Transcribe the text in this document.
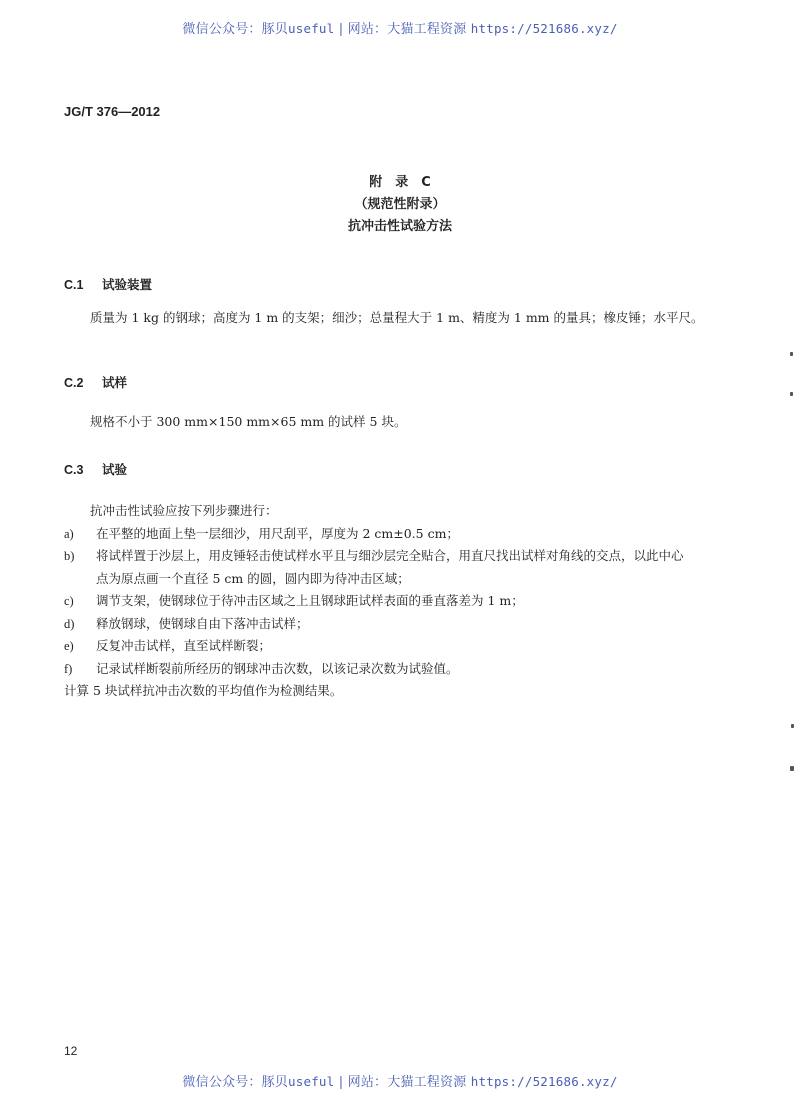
微信公众号：豚贝useful | 网站：大猫工程资源 https://521686.xyz/
JG/T 376—2012
附　录　C
（规范性附录）
抗冲击性试验方法
C.1 试验装置
质量为 1 kg 的钢球；高度为 1 m 的支架；细沙；总量程大于 1 m、精度为 1 mm 的量具；橡皮锤；水平尺。
C.2 试样
规格不小于 300 mm×150 mm×65 mm 的试样 5 块。
C.3 试验
抗冲击性试验应按下列步骤进行：
a)	在平整的地面上垫一层细沙，用尺刮平，厚度为 2 cm±0.5 cm；
b)	将试样置于沙层上，用皮锤轻击使试样水平且与细沙层完全贴合，用直尺找出试样对角线的交点，以此中心点为原点画一个直径 5 cm 的圆，圆内即为待冲击区域；
c)	调节支架，使钢球位于待冲击区域之上且钢球距试样表面的垂直落差为 1 m；
d)	释放钢球，使钢球自由下落冲击试样；
e)	反复冲击试样，直至试样断裂；
f)	记录试样断裂前所经历的钢球冲击次数，以该记录次数为试验值。
计算 5 块试样抗冲击次数的平均值作为检测结果。
12
微信公众号：豚贝useful | 网站：大猫工程资源 https://521686.xyz/
